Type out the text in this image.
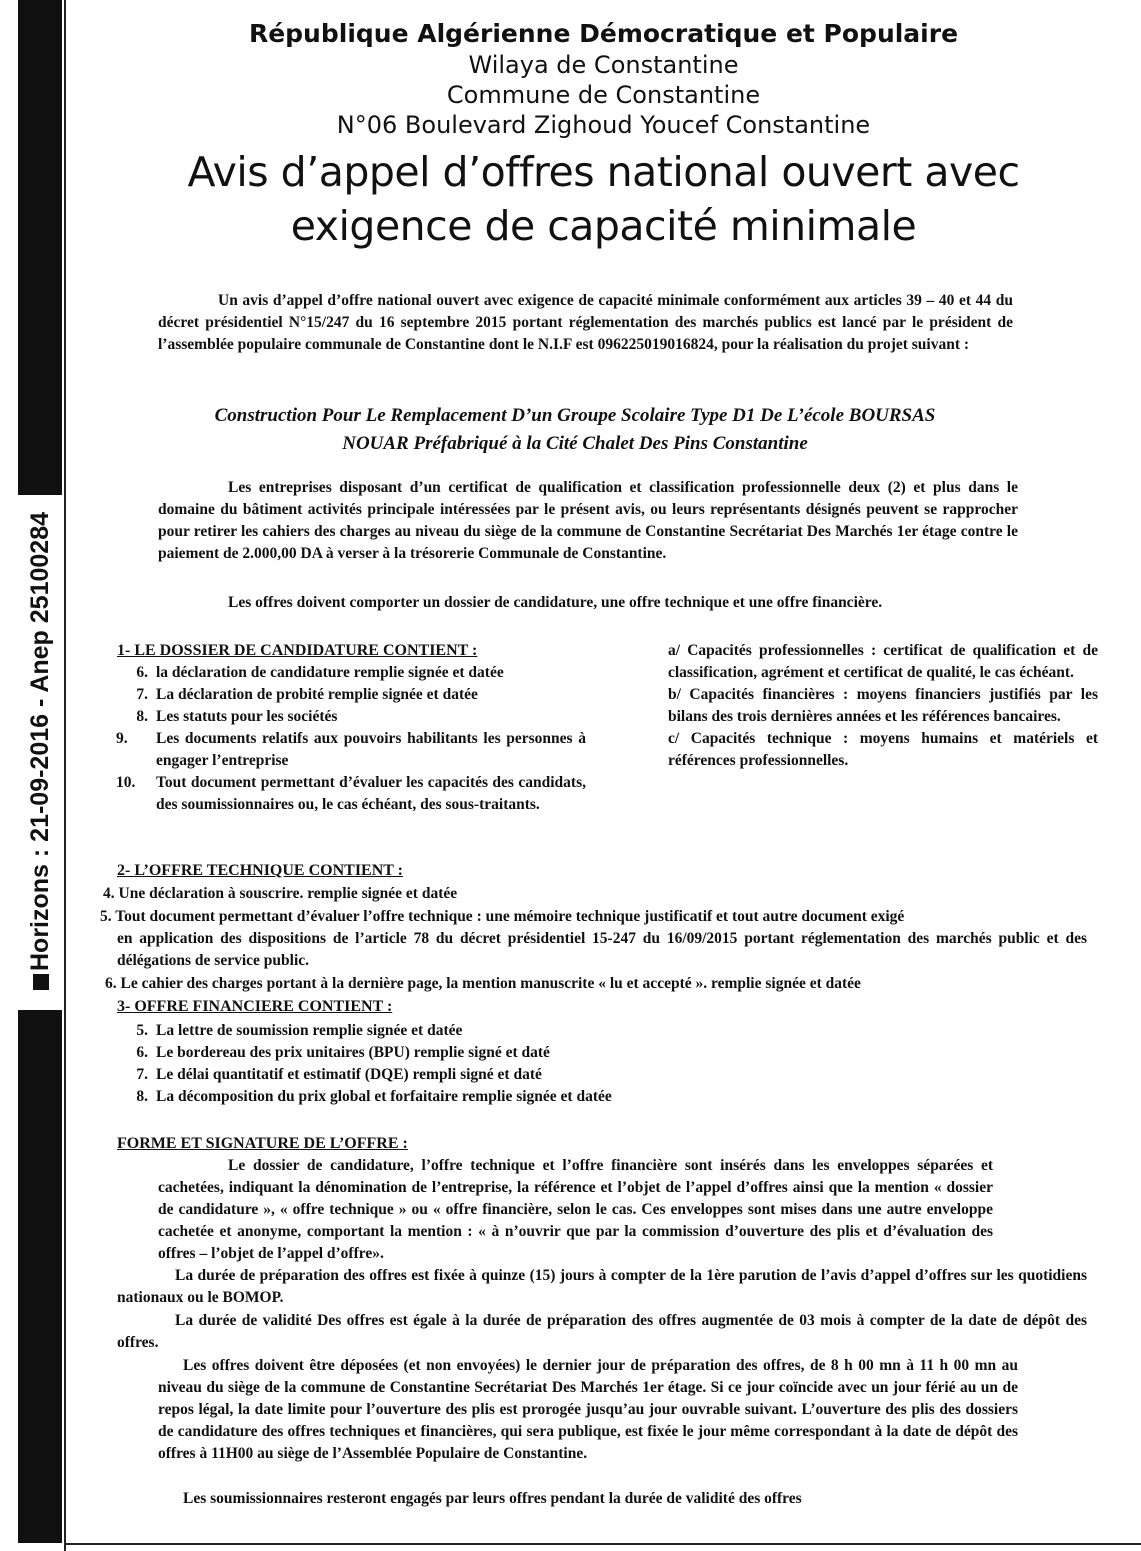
Horizons : 21-09-2016 - Anep 25100284
République Algérienne Démocratique et Populaire
Wilaya de Constantine
Commune de Constantine
N°06 Boulevard Zighoud Youcef Constantine
Avis d’appel d’offres national ouvert avec
exigence de capacité minimale
Un avis d’appel d’offre national ouvert avec exigence de capacité minimale conformément aux articles 39 – 40 et 44 du décret présidentiel N°15/247 du 16 septembre 2015 portant réglementation des marchés publics est lancé par le président de l’assemblée populaire communale de Constantine dont le N.I.F est 096225019016824, pour la réalisation du projet suivant :
Construction Pour Le Remplacement D’un Groupe Scolaire Type D1 De L’école BOURSAS
NOUAR Préfabriqué à la Cité Chalet Des Pins Constantine
Les entreprises disposant d’un certificat de qualification et classification professionnelle deux (2) et plus dans le domaine du bâtiment activités principale intéressées par le présent avis, ou leurs représentants désignés peuvent se rapprocher pour retirer les cahiers des charges au niveau du siège de la commune de Constantine Secrétariat Des Marchés 1er étage contre le paiement de 2.000,00 DA à verser à la trésorerie Communale de Constantine.
Les offres doivent comporter un dossier de candidature, une offre technique et une offre financière.
1- LE DOSSIER DE CANDIDATURE CONTIENT :
6. la déclaration de candidature remplie signée et datée
7. La déclaration de probité remplie signée et datée
8. Les statuts pour les sociétés
9.	Les documents relatifs aux pouvoirs habilitants les personnes à engager l’entreprise
10.	Tout document permettant d’évaluer les capacités des candidats, des soumissionnaires ou, le cas échéant, des sous-traitants.
a/ Capacités professionnelles : certificat de qualification et de classification, agrément et certificat de qualité, le cas échéant.
b/ Capacités financières : moyens financiers justifiés par les bilans des trois dernières années et les références bancaires.
c/ Capacités technique : moyens humains et matériels et références professionnelles.
2- L’OFFRE TECHNIQUE CONTIENT :
4. Une déclaration à souscrire. remplie signée et datée
5. Tout document permettant d’évaluer l’offre technique : une mémoire technique justificatif et tout autre document exigé
en application des dispositions de l’article 78 du décret présidentiel 15-247 du 16/09/2015 portant réglementation des marchés public et des délégations de service public.
6. Le cahier des charges portant à la dernière page, la mention manuscrite « lu et accepté ». remplie signée et datée
3- OFFRE FINANCIERE CONTIENT :
5. La lettre de soumission remplie signée et datée
6. Le bordereau des prix unitaires (BPU) remplie signé et daté
7. Le délai quantitatif et estimatif (DQE) rempli signé et daté
8. La décomposition du prix global et forfaitaire remplie signée et datée
FORME ET SIGNATURE DE L’OFFRE :
Le dossier de candidature, l’offre technique et l’offre financière sont insérés dans les enveloppes séparées et cachetées, indiquant la dénomination de l’entreprise, la référence et l’objet de l’appel d’offres ainsi que la mention « dossier de candidature », « offre technique » ou « offre financière, selon le cas. Ces enveloppes sont mises dans une autre enveloppe cachetée et anonyme, comportant la mention : « à n’ouvrir que par la commission d’ouverture des plis et d’évaluation des offres – l’objet de l’appel d’offre».
La durée de préparation des offres est fixée à quinze (15) jours à compter de la 1ère parution de l’avis d’appel d’offres sur les quotidiens nationaux ou le BOMOP.
La durée de validité Des offres est égale à la durée de préparation des offres augmentée de 03 mois à compter de la date de dépôt des offres.
Les offres doivent être déposées (et non envoyées) le dernier jour de préparation des offres, de 8 h 00 mn à 11 h 00 mn au niveau du siège de la commune de Constantine Secrétariat Des Marchés 1er étage. Si ce jour coïncide avec un jour férié au un de repos légal, la date limite pour l’ouverture des plis est prorogée jusqu’au jour ouvrable suivant. L’ouverture des plis des dossiers de candidature des offres techniques et financières, qui sera publique, est fixée le jour même correspondant à la date de dépôt des offres à 11H00 au siège de l’Assemblée Populaire de Constantine.
Les soumissionnaires resteront engagés par leurs offres pendant la durée de validité des offres
